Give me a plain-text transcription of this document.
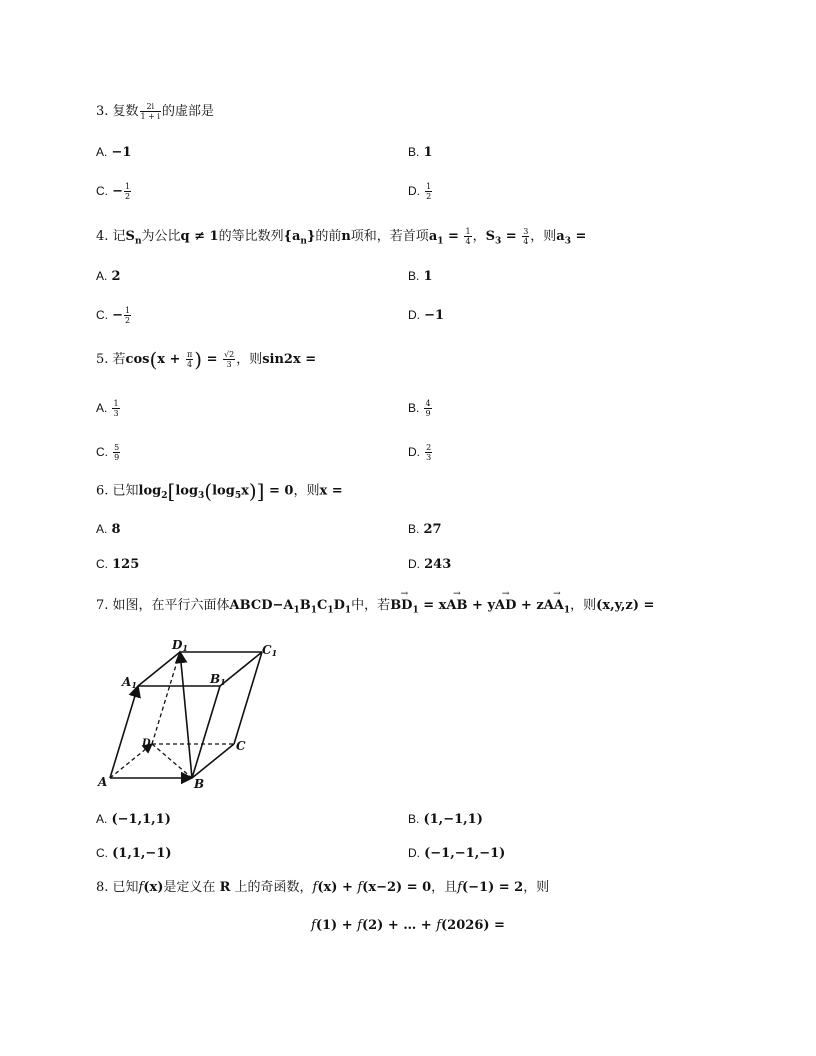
3. 复数 $\frac{2i}{1 + i}$ 的虚部是
A. −1	B. 1
C. − $\frac{1}{2}$	D. $\frac{1}{2}$
4. 记$S_n$为公比q ≠ 1的等比数列$\{a_n\}$的前n项和，若首项$a_1 = \frac{1}{4}$ ，$S_3 = \frac{3}{4}$ ，则$a_3$ =
A. 2	B. 1
C. − $\frac{1}{2}$	D. −1
5. 若$\cos(x + \frac{\pi}{4}$ ) = $\frac{√2}{3}$ ，则sin2x =
A. $\frac{1}{3}$	B. $\frac{4}{9}$
C. $\frac{5}{9}$	D. $\frac{2}{3}$
6. 已知$\log_2[\log_3(\log_5x)] = 0$，则x =
A. 8	B. 27
C. 125	D. 243
7. 如图，在平行六面体$ABCD-A_1B_1C_1D_1$中，若→ $BD_1 = x\to$ AB + y→ AD + $z\to AA_1$，则(x,y,z) =
D1	C1
A1	B1
D	C
A	B
A. (−1,1,1)	B. (1,−1,1)
C. (1,1,−1)	D. (−1,−1,−1)
8. 已知f(x)是定义在 R 上的奇函数，f(x) + f(x−2) = 0，且f(−1) = 2，则
f(1) + f(2) + … + f(2026) =
